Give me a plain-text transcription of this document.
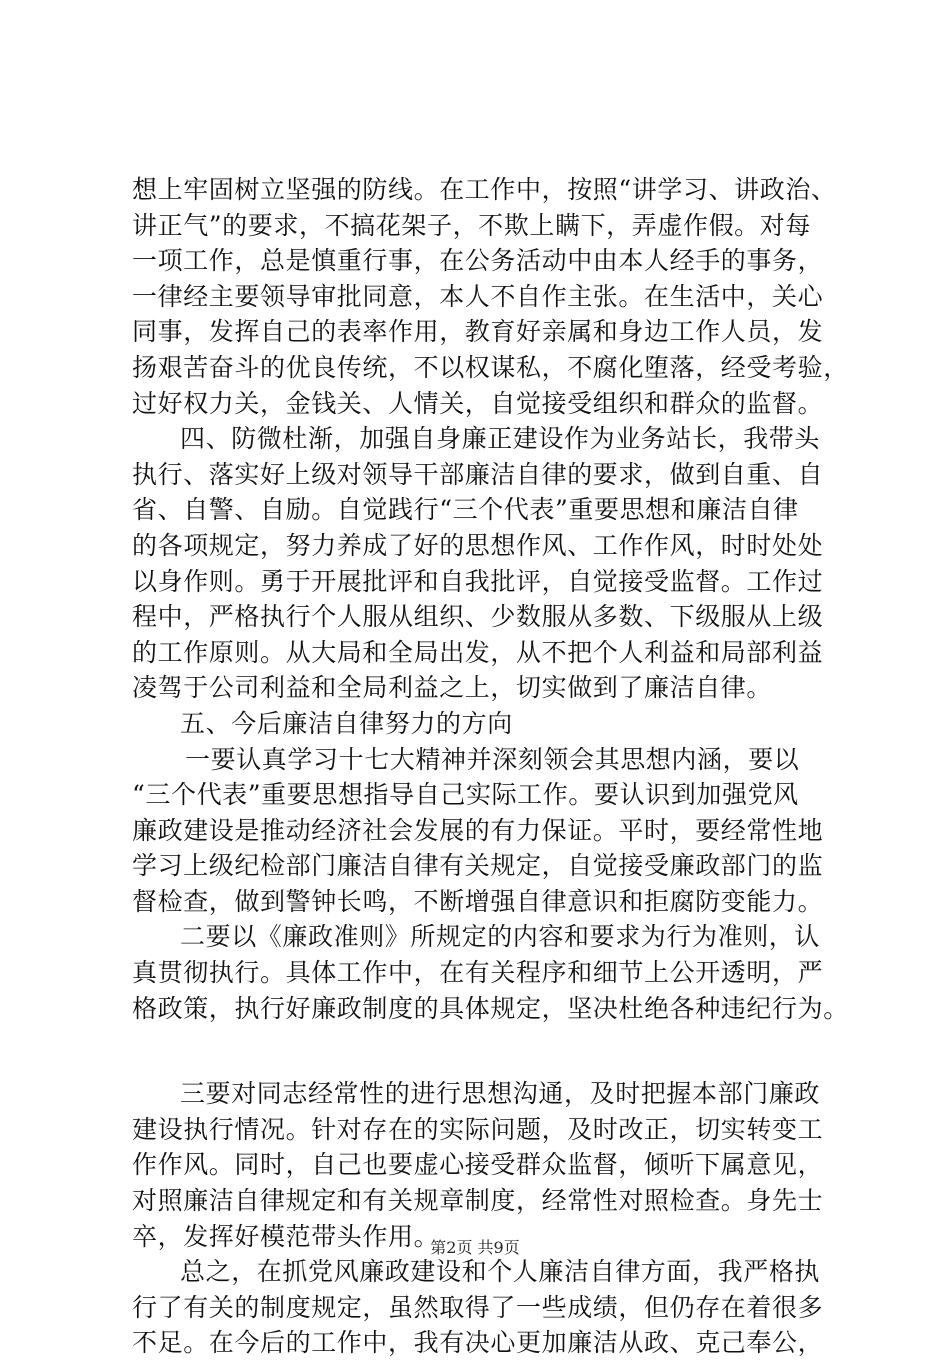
想上牢固树立坚强的防线。在工作中，按照“讲学习、讲政治、
讲正气”的要求，不搞花架子，不欺上瞒下，弄虚作假。对每
一项工作，总是慎重行事，在公务活动中由本人经手的事务，
一律经主要领导审批同意，本人不自作主张。在生活中，关心
同事，发挥自己的表率作用，教育好亲属和身边工作人员，发
扬艰苦奋斗的优良传统，不以权谋私，不腐化堕落，经受考验，
过好权力关，金钱关、人情关，自觉接受组织和群众的监督。
四、防微杜渐，加强自身廉正建设作为业务站长，我带头
执行、落实好上级对领导干部廉洁自律的要求，做到自重、自
省、自警、自励。自觉践行“三个代表”重要思想和廉洁自律
的各项规定，努力养成了好的思想作风、工作作风，时时处处
以身作则。勇于开展批评和自我批评，自觉接受监督。工作过
程中，严格执行个人服从组织、少数服从多数、下级服从上级
的工作原则。从大局和全局出发，从不把个人利益和局部利益
凌驾于公司利益和全局利益之上，切实做到了廉洁自律。
五、今后廉洁自律努力的方向
一要认真学习十七大精神并深刻领会其思想内涵，要以
“三个代表”重要思想指导自己实际工作。要认识到加强党风
廉政建设是推动经济社会发展的有力保证。平时，要经常性地
学习上级纪检部门廉洁自律有关规定，自觉接受廉政部门的监
督检查，做到警钟长鸣，不断增强自律意识和拒腐防变能力。
二要以《廉政准则》所规定的内容和要求为行为准则，认
真贯彻执行。具体工作中，在有关程序和细节上公开透明，严
格政策，执行好廉政制度的具体规定，坚决杜绝各种违纪行为。
三要对同志经常性的进行思想沟通，及时把握本部门廉政
建设执行情况。针对存在的实际问题，及时改正，切实转变工
作作风。同时，自己也要虚心接受群众监督，倾听下属意见，
对照廉洁自律规定和有关规章制度，经常性对照检查。身先士
卒，发挥好模范带头作用。
总之，在抓党风廉政建设和个人廉洁自律方面，我严格执
行了有关的制度规定，虽然取得了一些成绩，但仍存在着很多
不足。在今后的工作中，我有决心更加廉洁从政、克己奉公，
第2页 共9页
